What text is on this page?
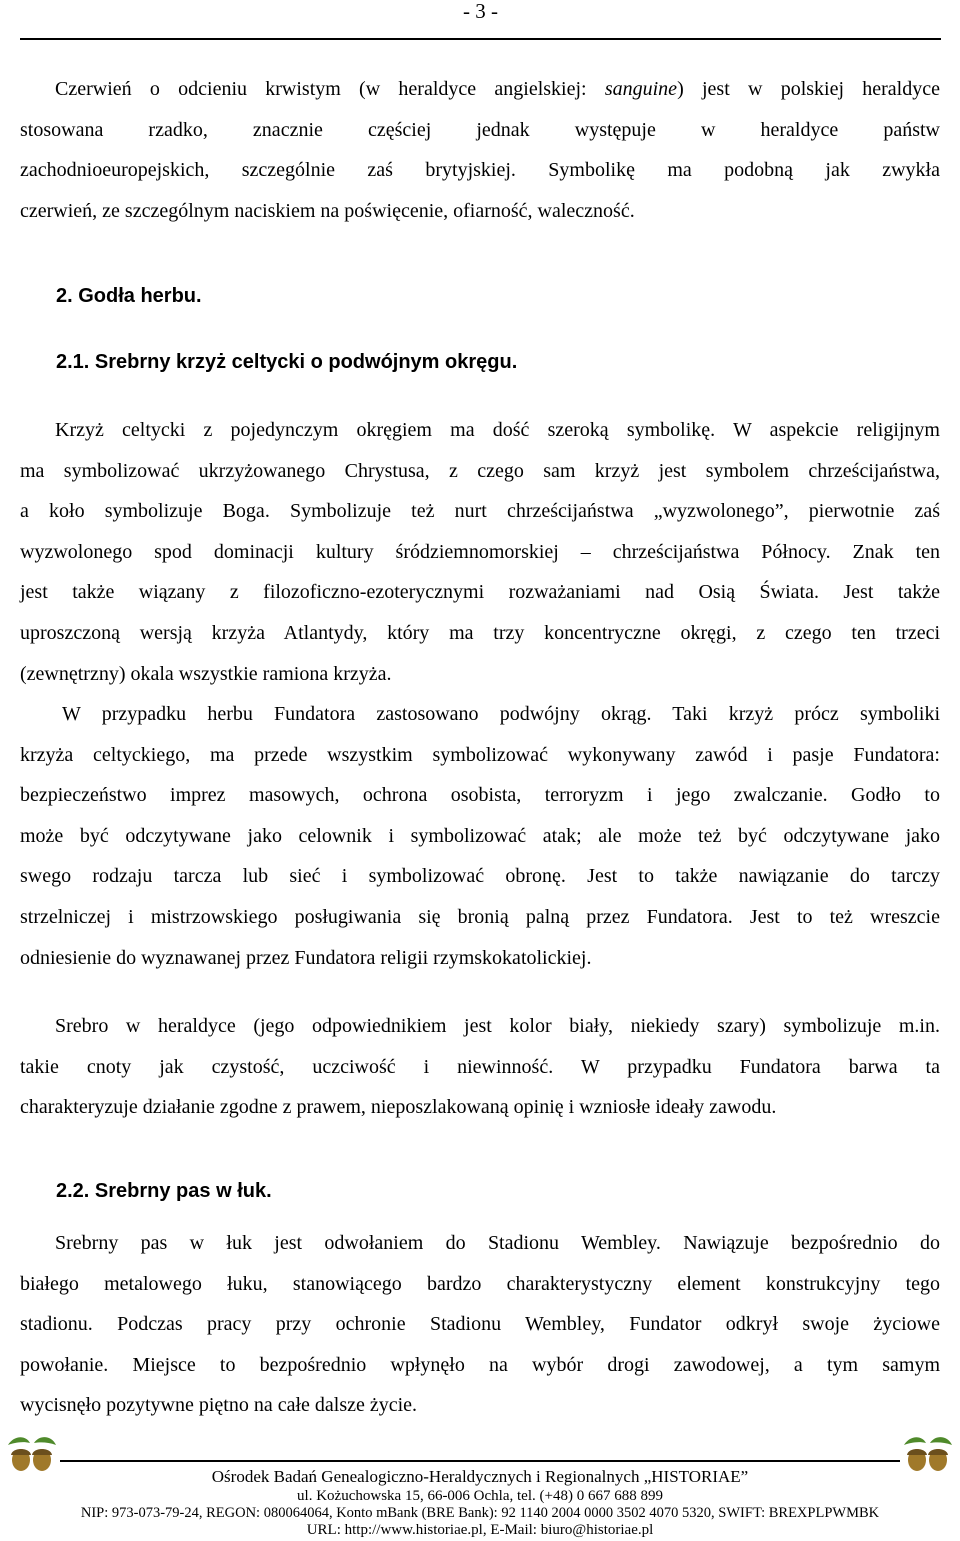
- 3 -
Czerwień o odcieniu krwistym (w heraldyce angielskiej: sanguine) jest w polskiej heraldyce
stosowana rzadko, znacznie częściej jednak występuje w heraldyce państw
zachodnioeuropejskich, szczególnie zaś brytyjskiej. Symbolikę ma podobną jak zwykła
czerwień, ze szczególnym naciskiem na poświęcenie, ofiarność, waleczność.
2. Godła herbu.
2.1. Srebrny krzyż celtycki o podwójnym okręgu.
Krzyż celtycki z pojedynczym okręgiem ma dość szeroką symbolikę. W aspekcie religijnym
ma symbolizować ukrzyżowanego Chrystusa, z czego sam krzyż jest symbolem chrześcijaństwa,
a koło symbolizuje Boga. Symbolizuje też nurt chrześcijaństwa „wyzwolonego”, pierwotnie zaś
wyzwolonego spod dominacji kultury śródziemnomorskiej – chrześcijaństwa Północy. Znak ten
jest także wiązany z filozoficzno-ezoterycznymi rozważaniami nad Osią Świata. Jest także
uproszczoną wersją krzyża Atlantydy, który ma trzy koncentryczne okręgi, z czego ten trzeci
(zewnętrzny) okala wszystkie ramiona krzyża.
W przypadku herbu Fundatora zastosowano podwójny okrąg. Taki krzyż prócz symboliki
krzyża celtyckiego, ma przede wszystkim symbolizować wykonywany zawód i pasje Fundatora:
bezpieczeństwo imprez masowych, ochrona osobista, terroryzm i jego zwalczanie. Godło to
może być odczytywane jako celownik i symbolizować atak; ale może też być odczytywane jako
swego rodzaju tarcza lub sieć i symbolizować obronę. Jest to także nawiązanie do tarczy
strzelniczej i mistrzowskiego posługiwania się bronią palną przez Fundatora. Jest to też wreszcie
odniesienie do wyznawanej przez Fundatora religii rzymskokatolickiej.
Srebro w heraldyce (jego odpowiednikiem jest kolor biały, niekiedy szary) symbolizuje m.in.
takie cnoty jak czystość, uczciwość i niewinność. W przypadku Fundatora barwa ta
charakteryzuje działanie zgodne z prawem, nieposzlakowaną opinię i wzniosłe ideały zawodu.
2.2. Srebrny pas w łuk.
Srebrny pas w łuk jest odwołaniem do Stadionu Wembley. Nawiązuje bezpośrednio do
białego metalowego łuku, stanowiącego bardzo charakterystyczny element konstrukcyjny tego
stadionu. Podczas pracy przy ochronie Stadionu Wembley, Fundator odkrył swoje życiowe
powołanie. Miejsce to bezpośrednio wpłynęło na wybór drogi zawodowej, a tym samym
wycisnęło pozytywne piętno na całe dalsze życie.
Ośrodek Badań Genealogiczno-Heraldycznych i Regionalnych „HISTORIAE”
ul. Kożuchowska 15, 66-006 Ochla, tel. (+48) 0 667 688 899
NIP: 973-073-79-24, REGON: 080064064, Konto mBank (BRE Bank): 92 1140 2004 0000 3502 4070 5320, SWIFT: BREXPLPWMBK
URL: http://www.historiae.pl, E-Mail: biuro@historiae.pl
